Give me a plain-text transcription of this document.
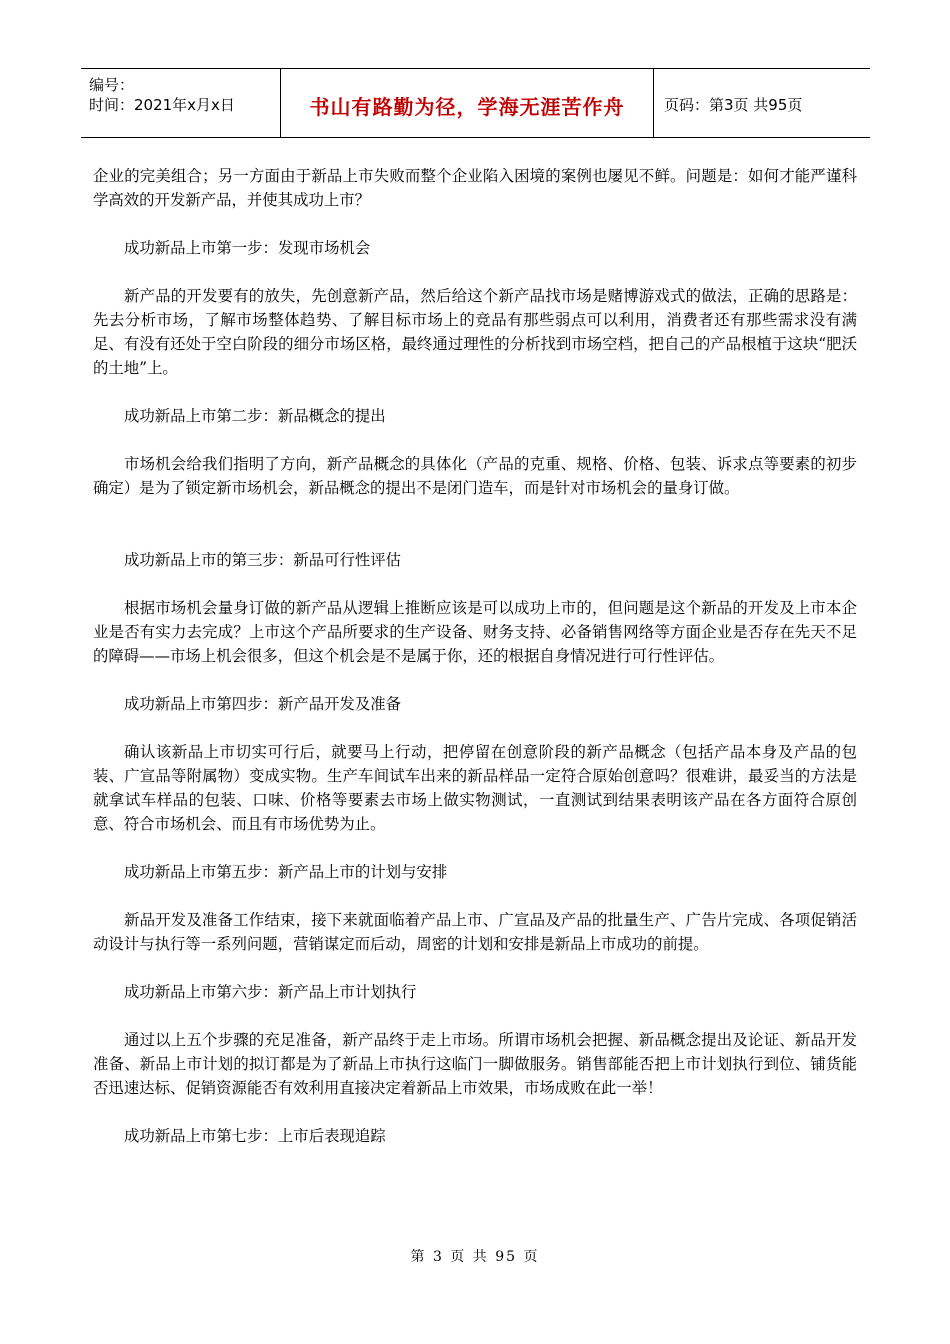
编号：
时间：2021年x月x日	书山有路勤为径，学海无涯苦作舟	页码：第3页 共95页

企业的完美组合；另一方面由于新品上市失败而整个企业陷入困境的案例也屡见不鲜。问题是：如何才能严谨科学高效的开发新产品，并使其成功上市？

成功新品上市第一步：发现市场机会

新产品的开发要有的放失，先创意新产品，然后给这个新产品找市场是赌博游戏式的做法，正确的思路是：先去分析市场，了解市场整体趋势、了解目标市场上的竞品有那些弱点可以利用，消费者还有那些需求没有满足、有没有还处于空白阶段的细分市场区格，最终通过理性的分析找到市场空档，把自己的产品根植于这块“肥沃的土地”上。

成功新品上市第二步：新品概念的提出

市场机会给我们指明了方向，新产品概念的具体化（产品的克重、规格、价格、包装、诉求点等要素的初步确定）是为了锁定新市场机会，新品概念的提出不是闭门造车，而是针对市场机会的量身订做。

成功新品上市的第三步：新品可行性评估

根据市场机会量身订做的新产品从逻辑上推断应该是可以成功上市的，但问题是这个新品的开发及上市本企业是否有实力去完成？上市这个产品所要求的生产设备、财务支持、必备销售网络等方面企业是否存在先天不足的障碍——市场上机会很多，但这个机会是不是属于你，还的根据自身情况进行可行性评估。

成功新品上市第四步：新产品开发及准备

确认该新品上市切实可行后，就要马上行动，把停留在创意阶段的新产品概念（包括产品本身及产品的包装、广宣品等附属物）变成实物。生产车间试车出来的新品样品一定符合原始创意吗？很难讲，最妥当的方法是就拿试车样品的包装、口味、价格等要素去市场上做实物测试，一直测试到结果表明该产品在各方面符合原创意、符合市场机会、而且有市场优势为止。

成功新品上市第五步：新产品上市的计划与安排

新品开发及准备工作结束，接下来就面临着产品上市、广宣品及产品的批量生产、广告片完成、各项促销活动设计与执行等一系列问题，营销谋定而后动，周密的计划和安排是新品上市成功的前提。

成功新品上市第六步：新产品上市计划执行

通过以上五个步骤的充足准备，新产品终于走上市场。所谓市场机会把握、新品概念提出及论证、新品开发准备、新品上市计划的拟订都是为了新品上市执行这临门一脚做服务。销售部能否把上市计划执行到位、铺货能否迅速达标、促销资源能否有效利用直接决定着新品上市效果，市场成败在此一举！

成功新品上市第七步：上市后表现追踪

第 3 页 共 95 页
